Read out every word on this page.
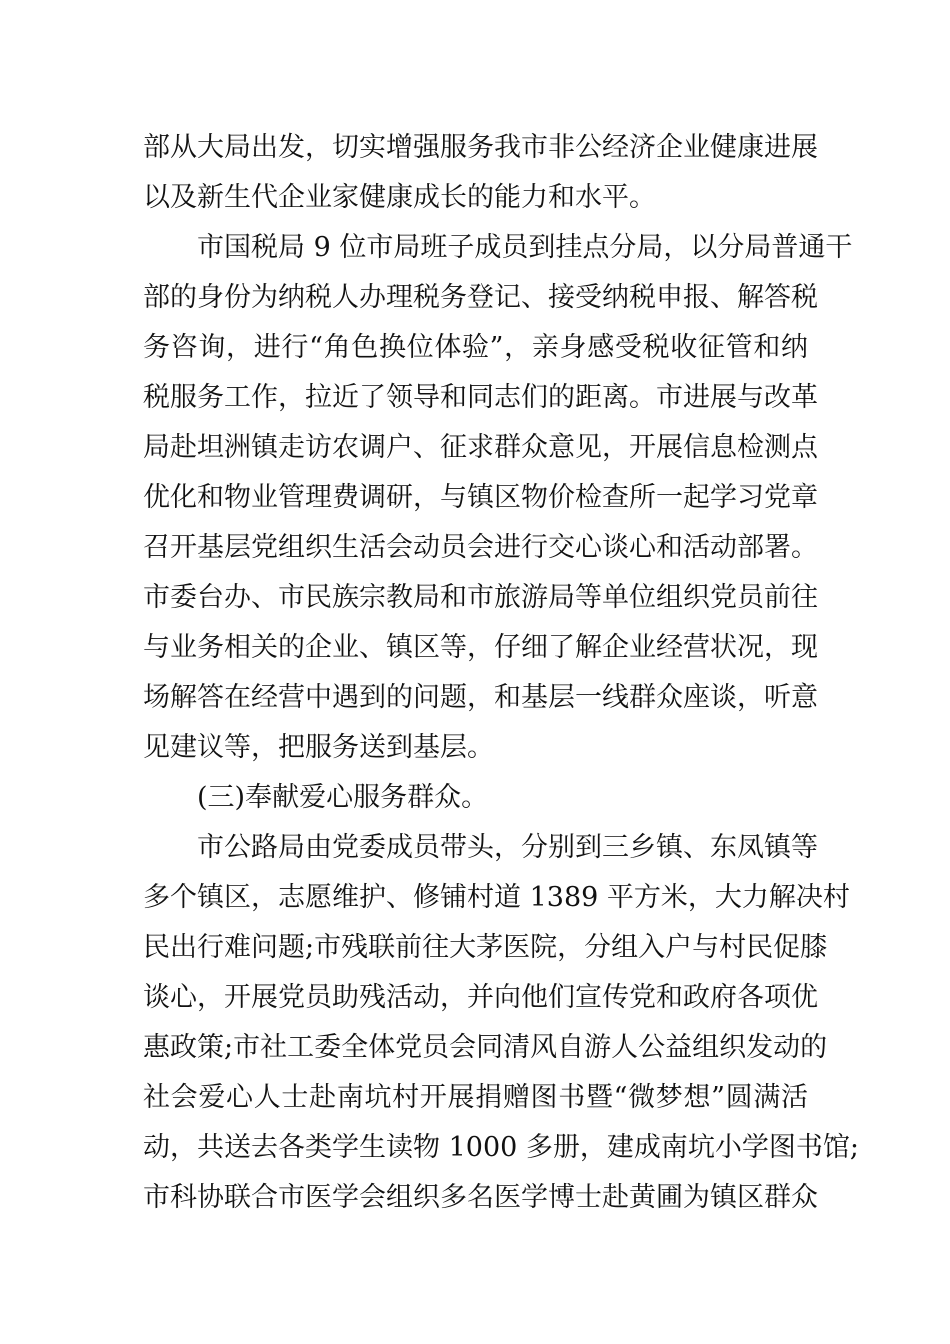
部从大局出发，切实增强服务我市非公经济企业健康进展
以及新生代企业家健康成长的能力和水平。
市国税局 9 位市局班子成员到挂点分局，以分局普通干
部的身份为纳税人办理税务登记、接受纳税申报、解答税
务咨询，进行“角色换位体验”，亲身感受税收征管和纳
税服务工作，拉近了领导和同志们的距离。市进展与改革
局赴坦洲镇走访农调户、征求群众意见，开展信息检测点
优化和物业管理费调研，与镇区物价检查所一起学习党章
召开基层党组织生活会动员会进行交心谈心和活动部署。
市委台办、市民族宗教局和市旅游局等单位组织党员前往
与业务相关的企业、镇区等，仔细了解企业经营状况，现
场解答在经营中遇到的问题，和基层一线群众座谈，听意
见建议等，把服务送到基层。
(三)奉献爱心服务群众。
市公路局由党委成员带头，分别到三乡镇、东凤镇等
多个镇区，志愿维护、修铺村道 1389 平方米，大力解决村
民出行难问题;市残联前往大茅医院，分组入户与村民促膝
谈心，开展党员助残活动，并向他们宣传党和政府各项优
惠政策;市社工委全体党员会同清风自游人公益组织发动的
社会爱心人士赴南坑村开展捐赠图书暨“微梦想”圆满活
动，共送去各类学生读物 1000 多册，建成南坑小学图书馆;
市科协联合市医学会组织多名医学博士赴黄圃为镇区群众
